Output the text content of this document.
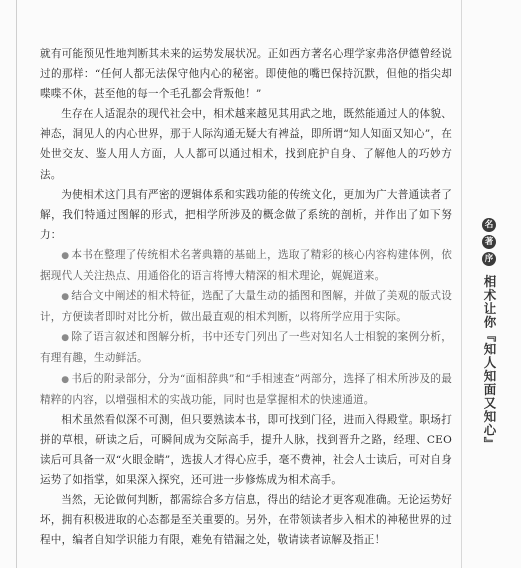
就有可能预见性地判断其未来的运势发展状况。正如西方著名心理学家弗洛伊德曾经说过的那样：“任何人都无法保守他内心的秘密。即使他的嘴巴保持沉默，但他的指尖却喋喋不休，甚至他的每一个毛孔都会背叛他！”

生存在人适混杂的现代社会中，相术越来越见其用武之地，既然能通过人的体貌、神态，洞见人的内心世界，那于人际沟通无疑大有裨益，即所谓“知人知面又知心”，在处世交友、鉴人用人方面，人人都可以通过相术，找到庇护自身、了解他人的巧妙方法。

为使相术这门具有严密的逻辑体系和实践功能的传统文化，更加为广大普通读者了解，我们特通过图解的形式，把相学所涉及的概念做了系统的剖析，并作出了如下努力：

● 本书在整理了传统相术名著典籍的基础上，选取了精彩的核心内容构建体例，依据现代人关注热点、用通俗化的语言将博大精深的相术理论，娓娓道来。

● 结合文中阐述的相术特征，选配了大量生动的插图和图解，并做了美观的版式设计，方便读者即时对比分析，做出最直观的相术判断，以将所学应用于实际。

● 除了语言叙述和图解分析，书中还专门列出了一些对知名人士相貌的案例分析，有理有趣，生动鲜活。

● 书后的附录部分，分为“面相辞典”和“手相速查”两部分，选择了相术所涉及的最精粹的内容，以增强相术的实战功能，同时也是掌握相术的快速通道。

相术虽然看似深不可测，但只要熟读本书，即可找到门径，进而入得殿堂。职场打拼的草根，研读之后，可瞬间成为交际高手，提升人脉，找到晋升之路，经理、CEO读后可具备一双“火眼金睛”，选拔人才得心应手，毫不费神，社会人士读后，可对自身运势了如指掌，如果深入探究，还可进一步修炼成为相术高手。

当然，无论做何判断，都需综合多方信息，得出的结论才更客观准确。无论运势好坏，拥有积极进取的心态都是至关重要的。另外，在带领读者步入相术的神秘世界的过程中，编者自知学识能力有限，难免有错漏之处，敬请读者谅解及指正！

名
著
序
相术让你『知人知面又知心』
